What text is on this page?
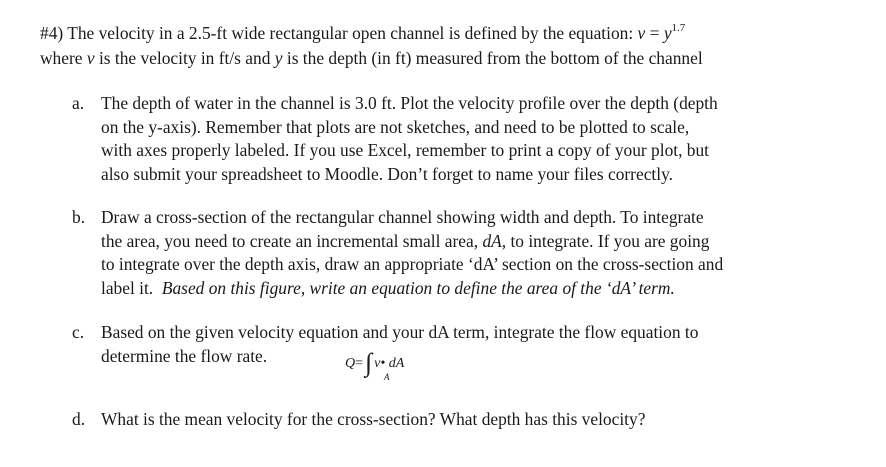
#4) The velocity in a 2.5-ft wide rectangular open channel is defined by the equation: $v = y^{1.7}$
where v is the velocity in ft/s and y is the depth (in ft) measured from the bottom of the channel
a. The depth of water in the channel is 3.0 ft. Plot the velocity profile over the depth (depth
on the y-axis). Remember that plots are not sketches, and need to be plotted to scale,
with axes properly labeled. If you use Excel, remember to print a copy of your plot, but
also submit your spreadsheet to Moodle. Don’t forget to name your files correctly.
b. Draw a cross-section of the rectangular channel showing width and depth. To integrate
the area, you need to create an incremental small area, dA, to integrate. If you are going
to integrate over the depth axis, draw an appropriate ‘dA’ section on the cross-section and
label it. Based on this figure, write an equation to define the area of the ‘dA’ term.
c. Based on the given velocity equation and your dA term, integrate the flow equation to
determine the flow rate.	Q=∫ v• dA
A
d. What is the mean velocity for the cross-section? What depth has this velocity?
